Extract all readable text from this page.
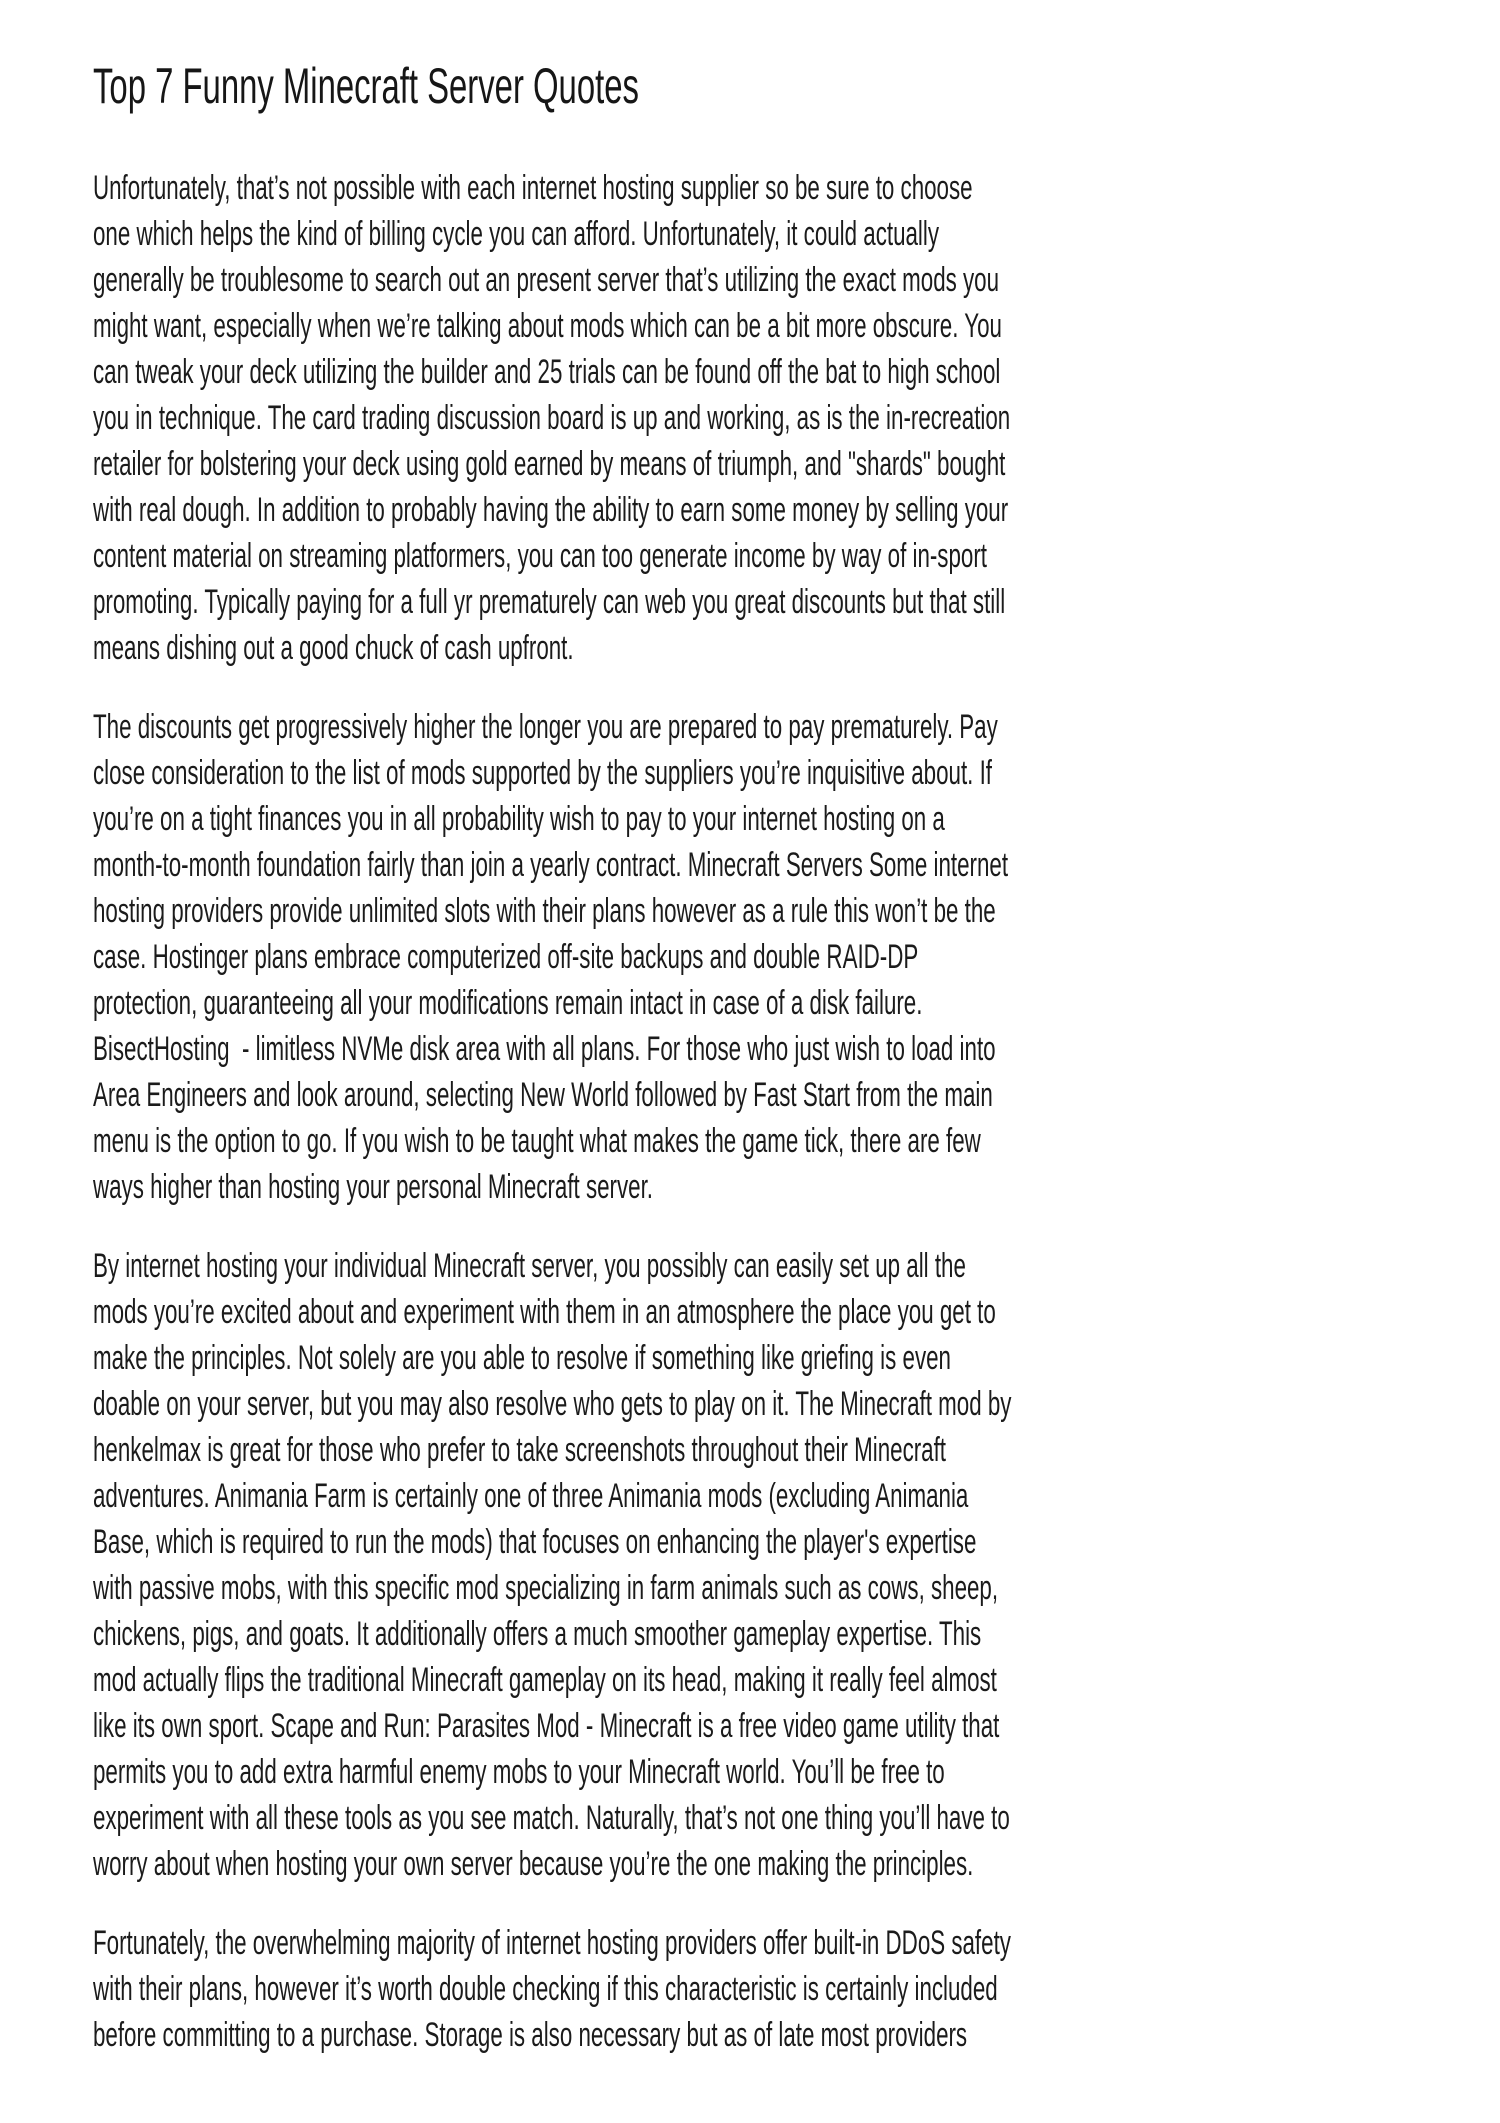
Top 7 Funny Minecraft Server Quotes

Unfortunately, that’s not possible with each internet hosting supplier so be sure to choose one which helps the kind of billing cycle you can afford. Unfortunately, it could actually generally be troublesome to search out an present server that’s utilizing the exact mods you might want, especially when we’re talking about mods which can be a bit more obscure. You can tweak your deck utilizing the builder and 25 trials can be found off the bat to high school you in technique. The card trading discussion board is up and working, as is the in-recreation retailer for bolstering your deck using gold earned by means of triumph, and "shards" bought with real dough. In addition to probably having the ability to earn some money by selling your content material on streaming platformers, you can too generate income by way of in-sport promoting. Typically paying for a full yr prematurely can web you great discounts but that still means dishing out a good chuck of cash upfront.

The discounts get progressively higher the longer you are prepared to pay prematurely. Pay close consideration to the list of mods supported by the suppliers you’re inquisitive about. If you’re on a tight finances you in all probability wish to pay to your internet hosting on a month-to-month foundation fairly than join a yearly contract. Minecraft Servers Some internet hosting providers provide unlimited slots with their plans however as a rule this won’t be the case. Hostinger plans embrace computerized off-site backups and double RAID-DP protection, guaranteeing all your modifications remain intact in case of a disk failure. BisectHosting  - limitless NVMe disk area with all plans. For those who just wish to load into Area Engineers and look around, selecting New World followed by Fast Start from the main menu is the option to go. If you wish to be taught what makes the game tick, there are few ways higher than hosting your personal Minecraft server.

By internet hosting your individual Minecraft server, you possibly can easily set up all the mods you’re excited about and experiment with them in an atmosphere the place you get to make the principles. Not solely are you able to resolve if something like griefing is even doable on your server, but you may also resolve who gets to play on it. The Minecraft mod by henkelmax is great for those who prefer to take screenshots throughout their Minecraft adventures. Animania Farm is certainly one of three Animania mods (excluding Animania Base, which is required to run the mods) that focuses on enhancing the player's expertise with passive mobs, with this specific mod specializing in farm animals such as cows, sheep, chickens, pigs, and goats. It additionally offers a much smoother gameplay expertise. This mod actually flips the traditional Minecraft gameplay on its head, making it really feel almost like its own sport. Scape and Run: Parasites Mod - Minecraft is a free video game utility that permits you to add extra harmful enemy mobs to your Minecraft world. You’ll be free to experiment with all these tools as you see match. Naturally, that’s not one thing you’ll have to worry about when hosting your own server because you’re the one making the principles.

Fortunately, the overwhelming majority of internet hosting providers offer built-in DDoS safety with their plans, however it’s worth double checking if this characteristic is certainly included before committing to a purchase. Storage is also necessary but as of late most providers
